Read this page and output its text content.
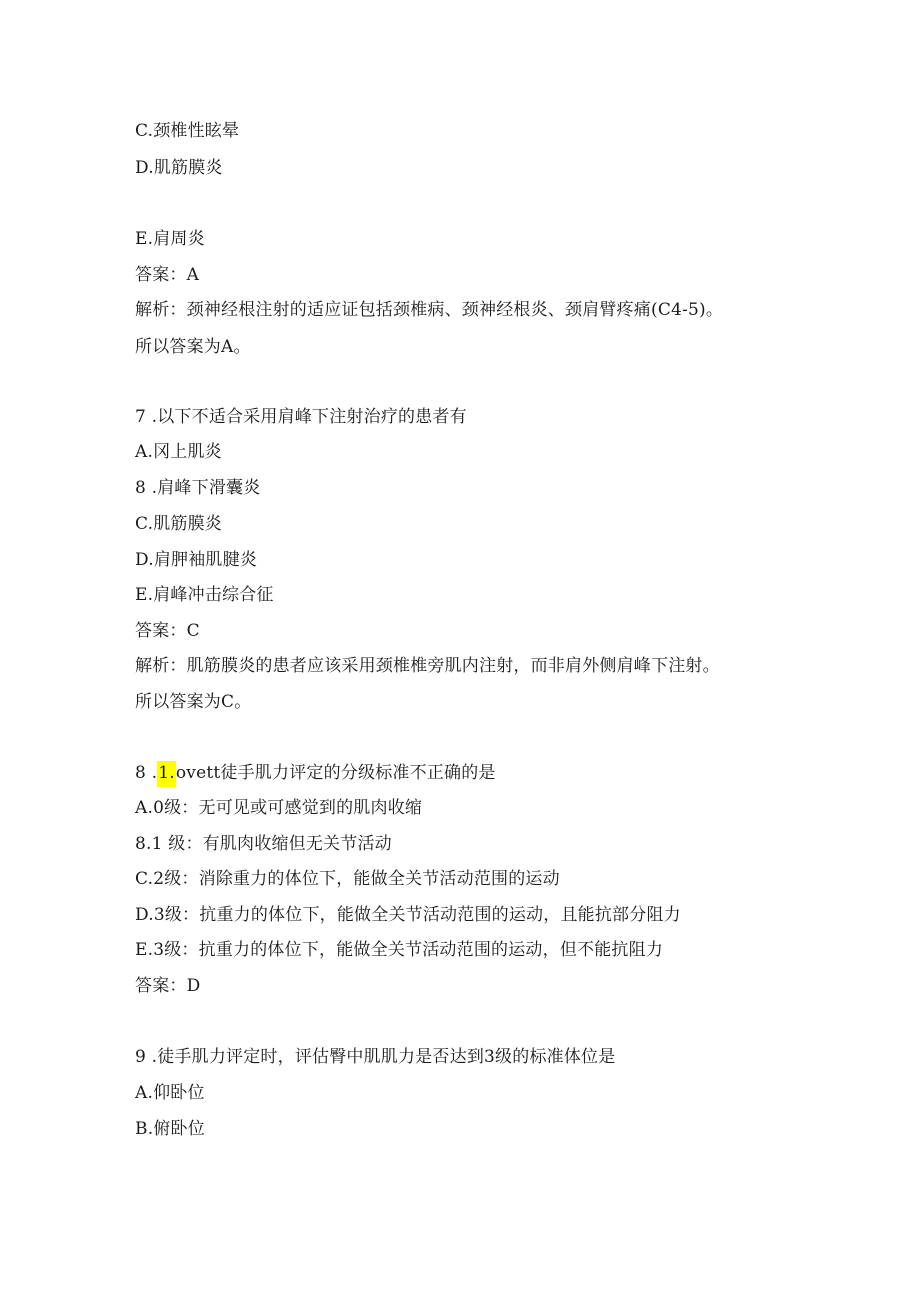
C.颈椎性眩晕
D.肌筋膜炎
E.肩周炎
答案：A
解析：颈神经根注射的适应证包括颈椎病、颈神经根炎、颈肩臂疼痛(C4-5)。
所以答案为A。
7 .以下不适合采用肩峰下注射治疗的患者有
A.冈上肌炎
8 .肩峰下滑囊炎
C.肌筋膜炎
D.肩胛袖肌腱炎
E.肩峰冲击综合征
答案：C
解析：肌筋膜炎的患者应该采用颈椎椎旁肌内注射，而非肩外侧肩峰下注射。
所以答案为C。
8 .1.ovett徒手肌力评定的分级标准不正确的是
A.0级：无可见或可感觉到的肌肉收缩
8.1 级：有肌肉收缩但无关节活动
C.2级：消除重力的体位下，能做全关节活动范围的运动
D.3级：抗重力的体位下，能做全关节活动范围的运动，且能抗部分阻力
E.3级：抗重力的体位下，能做全关节活动范围的运动，但不能抗阻力
答案：D
9 .徒手肌力评定时，评估臀中肌肌力是否达到3级的标准体位是
A.仰卧位
B.俯卧位
